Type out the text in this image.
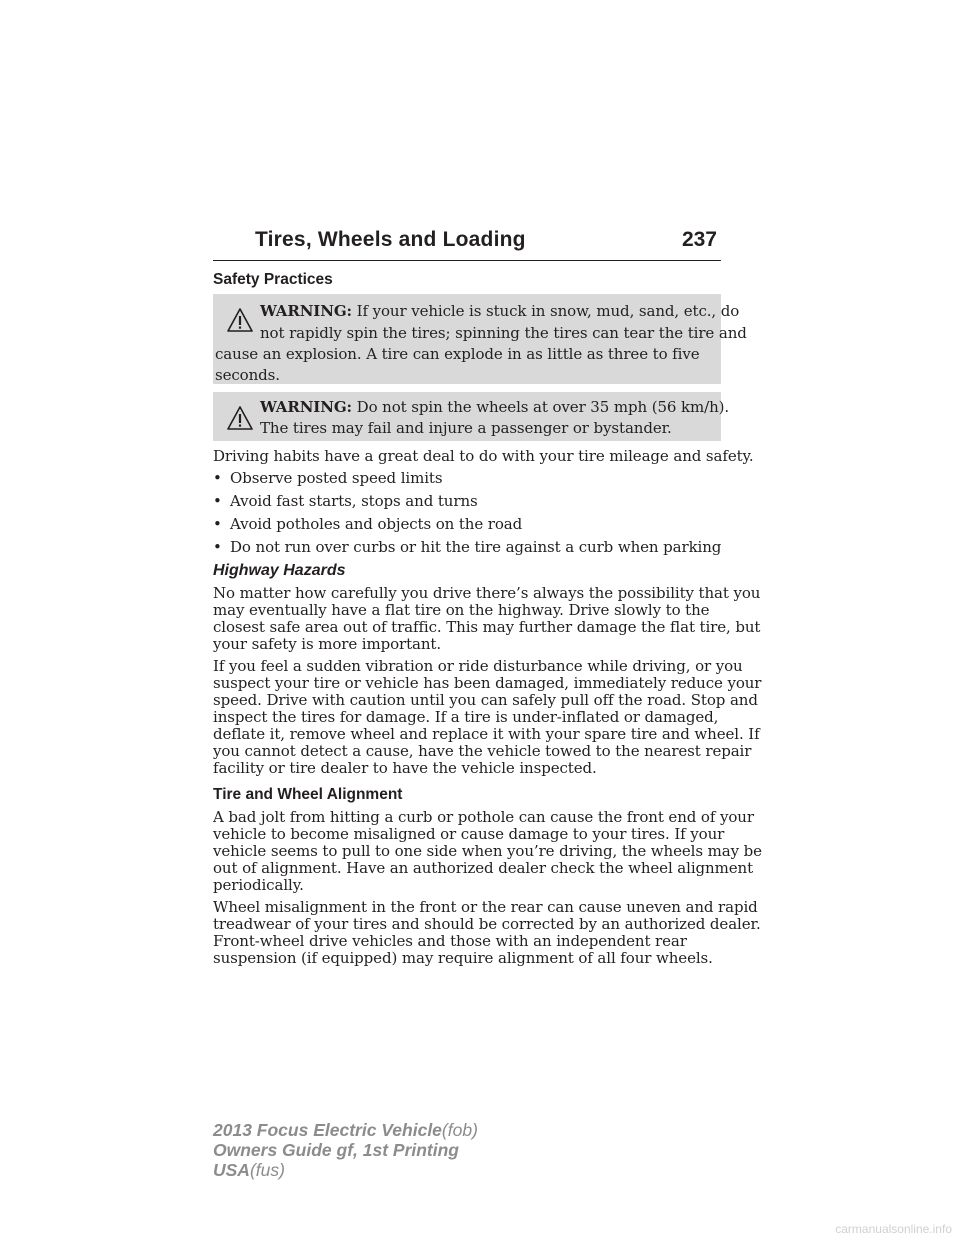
Tires, Wheels and Loading	237
Safety Practices
WARNING: If your vehicle is stuck in snow, mud, sand, etc., do
not rapidly spin the tires; spinning the tires can tear the tire and
cause an explosion. A tire can explode in as little as three to five
seconds.
WARNING: Do not spin the wheels at over 35 mph (56 km/h).
The tires may fail and injure a passenger or bystander.
Driving habits have a great deal to do with your tire mileage and safety.
• Observe posted speed limits
• Avoid fast starts, stops and turns
• Avoid potholes and objects on the road
• Do not run over curbs or hit the tire against a curb when parking
Highway Hazards
No matter how carefully you drive there’s always the possibility that you
may eventually have a flat tire on the highway. Drive slowly to the
closest safe area out of traffic. This may further damage the flat tire, but
your safety is more important.
If you feel a sudden vibration or ride disturbance while driving, or you
suspect your tire or vehicle has been damaged, immediately reduce your
speed. Drive with caution until you can safely pull off the road. Stop and
inspect the tires for damage. If a tire is under-inflated or damaged,
deflate it, remove wheel and replace it with your spare tire and wheel. If
you cannot detect a cause, have the vehicle towed to the nearest repair
facility or tire dealer to have the vehicle inspected.
Tire and Wheel Alignment
A bad jolt from hitting a curb or pothole can cause the front end of your
vehicle to become misaligned or cause damage to your tires. If your
vehicle seems to pull to one side when you’re driving, the wheels may be
out of alignment. Have an authorized dealer check the wheel alignment
periodically.
Wheel misalignment in the front or the rear can cause uneven and rapid
treadwear of your tires and should be corrected by an authorized dealer.
Front-wheel drive vehicles and those with an independent rear
suspension (if equipped) may require alignment of all four wheels.
2013 Focus Electric Vehicle(fob)
Owners Guide gf, 1st Printing
USA(fus)
carmanualsonline.info
